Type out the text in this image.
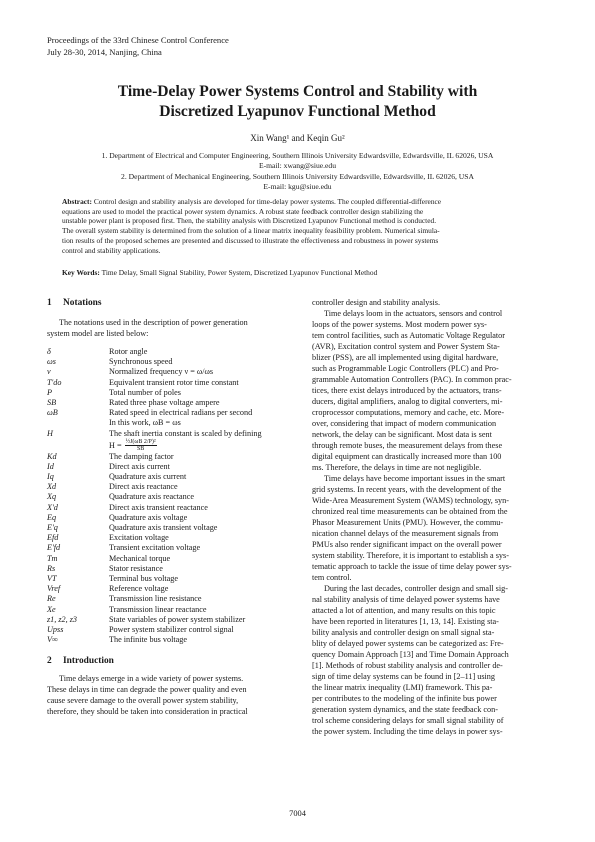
Proceedings of the 33rd Chinese Control Conference
July 28-30, 2014, Nanjing, China
Time-Delay Power Systems Control and Stability with
Discretized Lyapunov Functional Method
Xin Wang¹ and Keqin Gu²
1. Department of Electrical and Computer Engineering, Southern Illinois University Edwardsville, Edwardsville, IL 62026, USA
E-mail: xwang@siue.edu
2. Department of Mechanical Engineering, Southern Illinois University Edwardsville, Edwardsville, IL 62026, USA
E-mail: kgu@siue.edu
Abstract: Control design and stability analysis are developed for time-delay power systems. The coupled differential-difference
equations are used to model the practical power system dynamics. A robust state feedback controller design stabilizing the
unstable power plant is proposed first. Then, the stability analysis with Discretized Lyapunov Functional method is conducted.
The overall system stability is determined from the solution of a linear matrix inequality feasibility problem. Numerical simula-
tion results of the proposed schemes are presented and discussed to illustrate the effectiveness and robustness in power systems
control and stability applications.
Key Words: Time Delay, Small Signal Stability, Power System, Discretized Lyapunov Functional Method
1 Notations
The notations used in the description of power generation
system model are listed below:
δ	Rotor angle
ωs	Synchronous speed
ν	Normalized frequency ν = ω/ωs
T'do	Equivalent transient rotor time constant
P	Total number of poles
SB	Rated three phase voltage ampere
ωB	Rated speed in electrical radians per second
In this work, ωB = ωs
H	The shaft inertia constant is scaled by defining
$H = \frac{\text{½J(ωB 2/P)²}}{SB}$
Kd	The damping factor
Id	Direct axis current
Iq	Quadrature axis current
Xd	Direct axis reactance
Xq	Quadrature axis reactance
X'd	Direct axis transient reactance
Eq	Quadrature axis voltage
E'q	Quadrature axis transient voltage
Efd	Excitation voltage
E'fd	Transient excitation voltage
Tm	Mechanical torque
Rs	Stator resistance
VT	Terminal bus voltage
Vref	Reference voltage
Re	Transmission line resistance
Xe	Transmission linear reactance
z1, z2, z3	State variables of power system stabilizer
Upss	Power system stabilizer control signal
V∞	The infinite bus voltage
2 Introduction
Time delays emerge in a wide variety of power systems.
These delays in time can degrade the power quality and even
cause severe damage to the overall power system stability,
therefore, they should be taken into consideration in practical
controller design and stability analysis.
Time delays loom in the actuators, sensors and control
loops of the power systems. Most modern power sys-
tem control facilities, such as Automatic Voltage Regulator
(AVR), Excitation control system and Power System Sta-
blizer (PSS), are all implemented using digital hardware,
such as Programmable Logic Controllers (PLC) and Pro-
grammable Automation Controllers (PAC). In common prac-
tices, there exist delays introduced by the actuators, trans-
ducers, digital amplifiers, analog to digital converters, mi-
croprocessor computations, memory and cache, etc. More-
over, considering that impact of modern communication
network, the delay can be significant. Most data is sent
through remote buses, the measurement delays from these
digital equipment can drastically increased more than 100
ms. Therefore, the delays in time are not negligible.
Time delays have become important issues in the smart
grid systems. In recent years, with the development of the
Wide-Area Measurement System (WAMS) technology, syn-
chronized real time measurements can be obtained from the
Phasor Measurement Units (PMU). However, the commu-
nication channel delays of the measurement signals from
PMUs also render significant impact on the overall power
system stability. Therefore, it is important to establish a sys-
tematic approach to tackle the issue of time delay power sys-
tem control.
During the last decades, controller design and small sig-
nal stability analysis of time delayed power systems have
attacted a lot of attention, and many results on this topic
have been reported in literatures [1, 13, 14]. Existing sta-
bility analysis and controller design on small signal sta-
blity of delayed power systems can be categorized as: Fre-
quency Domain Approach [13] and Time Domain Approach
[1]. Methods of robust stability analysis and controller de-
sign of time delay systems can be found in [2–11] using
the linear matrix inequality (LMI) framework. This pa-
per contributes to the modeling of the infinite bus power
generation system dynamics, and the state feedback con-
trol scheme considering delays for small signal stability of
the power system. Including the time delays in power sys-
7004
